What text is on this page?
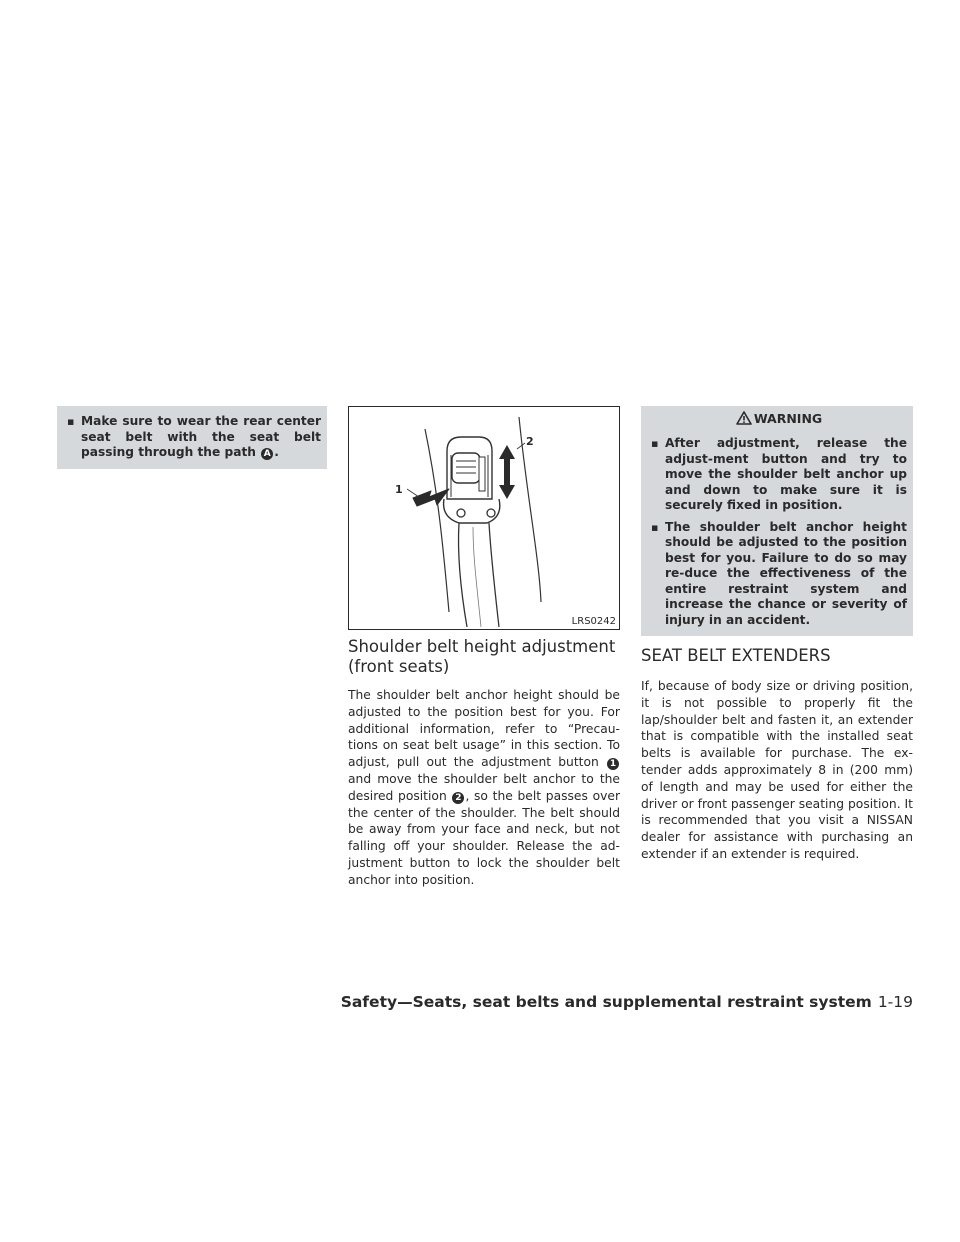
▪ Make sure to wear the rear center seat belt with the seat belt passing through the path A .
1
2
LRS0242
Shoulder belt height adjustment (front seats)

The shoulder belt anchor height should be adjusted to the position best for you. For additional information, refer to “Precau-tions on seat belt usage” in this section. To adjust, pull out the adjustment button 1 and move the shoulder belt anchor to the desired position 2 , so the belt passes over the center of the shoulder. The belt should be away from your face and neck, but not falling off your shoulder. Release the ad-justment button to lock the shoulder belt anchor into position.

WARNING
▪ After adjustment, release the adjust-ment button and try to move the shoulder belt anchor up and down to make sure it is securely fixed in position.
▪ The shoulder belt anchor height should be adjusted to the position best for you. Failure to do so may re-duce the effectiveness of the entire restraint system and increase the chance or severity of injury in an accident.
SEAT BELT EXTENDERS

If, because of body size or driving position, it is not possible to properly fit the lap/shoulder belt and fasten it, an extender that is compatible with the installed seat belts is available for purchase. The ex-tender adds approximately 8 in (200 mm) of length and may be used for either the driver or front passenger seating position. It is recommended that you visit a NISSAN dealer for assistance with purchasing an extender if an extender is required.

Safety—Seats, seat belts and supplemental restraint system 1-19
